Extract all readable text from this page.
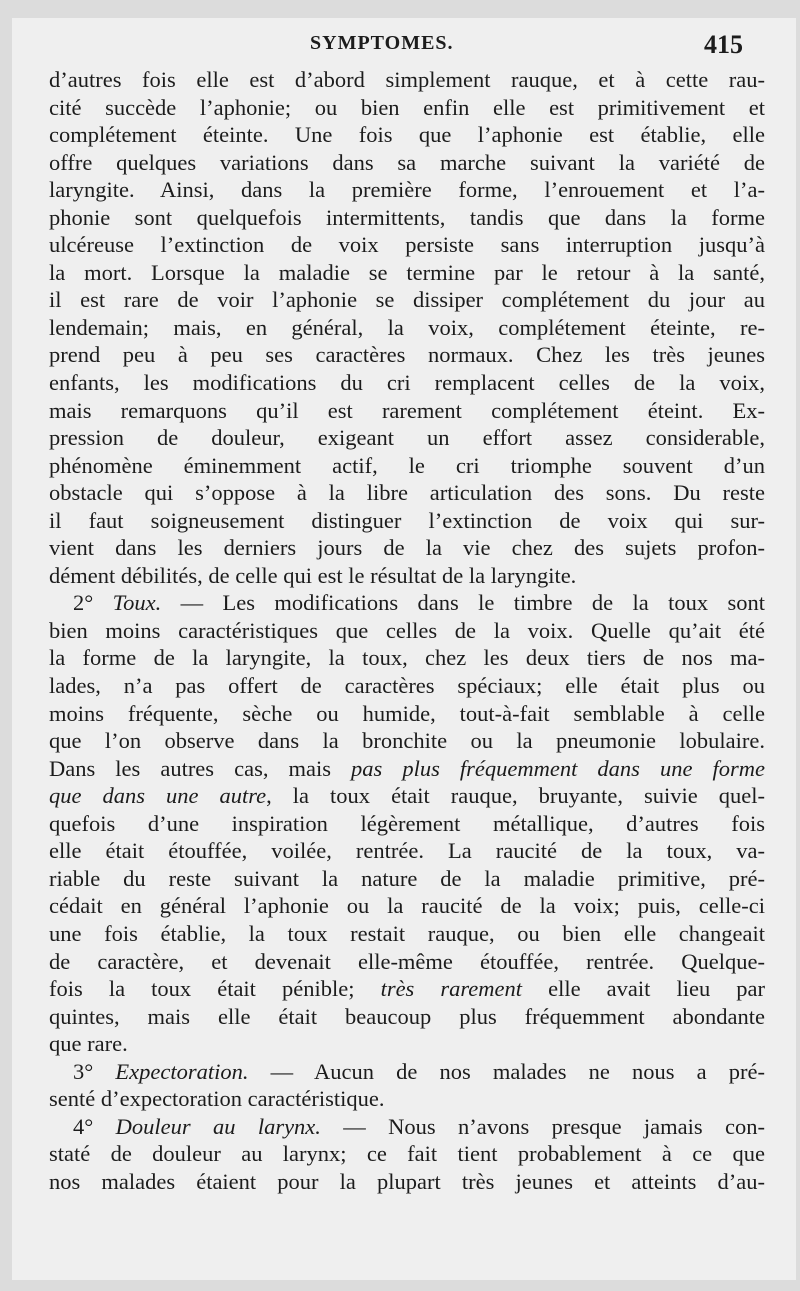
SYMPTOMES.	415
d’autres fois elle est d’abord simplement rauque, et à cette rau-
cité succède l’aphonie; ou bien enfin elle est primitivement et
complétement éteinte. Une fois que l’aphonie est établie, elle
offre quelques variations dans sa marche suivant la variété de
laryngite. Ainsi, dans la première forme, l’enrouement et l’a-
phonie sont quelquefois intermittents, tandis que dans la forme
ulcéreuse l’extinction de voix persiste sans interruption jusqu’à
la mort. Lorsque la maladie se termine par le retour à la santé,
il est rare de voir l’aphonie se dissiper complétement du jour au
lendemain; mais, en général, la voix, complétement éteinte, re-
prend peu à peu ses caractères normaux. Chez les très jeunes
enfants, les modifications du cri remplacent celles de la voix,
mais remarquons qu’il est rarement complétement éteint. Ex-
pression de douleur, exigeant un effort assez considerable,
phénomène éminemment actif, le cri triomphe souvent d’un
obstacle qui s’oppose à la libre articulation des sons. Du reste
il faut soigneusement distinguer l’extinction de voix qui sur-
vient dans les derniers jours de la vie chez des sujets profon-
dément débilités, de celle qui est le résultat de la laryngite.
2° Toux. — Les modifications dans le timbre de la toux sont
bien moins caractéristiques que celles de la voix. Quelle qu’ait été
la forme de la laryngite, la toux, chez les deux tiers de nos ma-
lades, n’a pas offert de caractères spéciaux; elle était plus ou
moins fréquente, sèche ou humide, tout-à-fait semblable à celle
que l’on observe dans la bronchite ou la pneumonie lobulaire.
Dans les autres cas, mais pas plus fréquemment dans une forme
que dans une autre, la toux était rauque, bruyante, suivie quel-
quefois d’une inspiration légèrement métallique, d’autres fois
elle était étouffée, voilée, rentrée. La raucité de la toux, va-
riable du reste suivant la nature de la maladie primitive, pré-
cédait en général l’aphonie ou la raucité de la voix; puis, celle-ci
une fois établie, la toux restait rauque, ou bien elle changeait
de caractère, et devenait elle-même étouffée, rentrée. Quelque-
fois la toux était pénible; très rarement elle avait lieu par
quintes, mais elle était beaucoup plus fréquemment abondante
que rare.
3° Expectoration. — Aucun de nos malades ne nous a pré-
senté d’expectoration caractéristique.
4° Douleur au larynx. — Nous n’avons presque jamais con-
staté de douleur au larynx; ce fait tient probablement à ce que
nos malades étaient pour la plupart très jeunes et atteints d’au-
